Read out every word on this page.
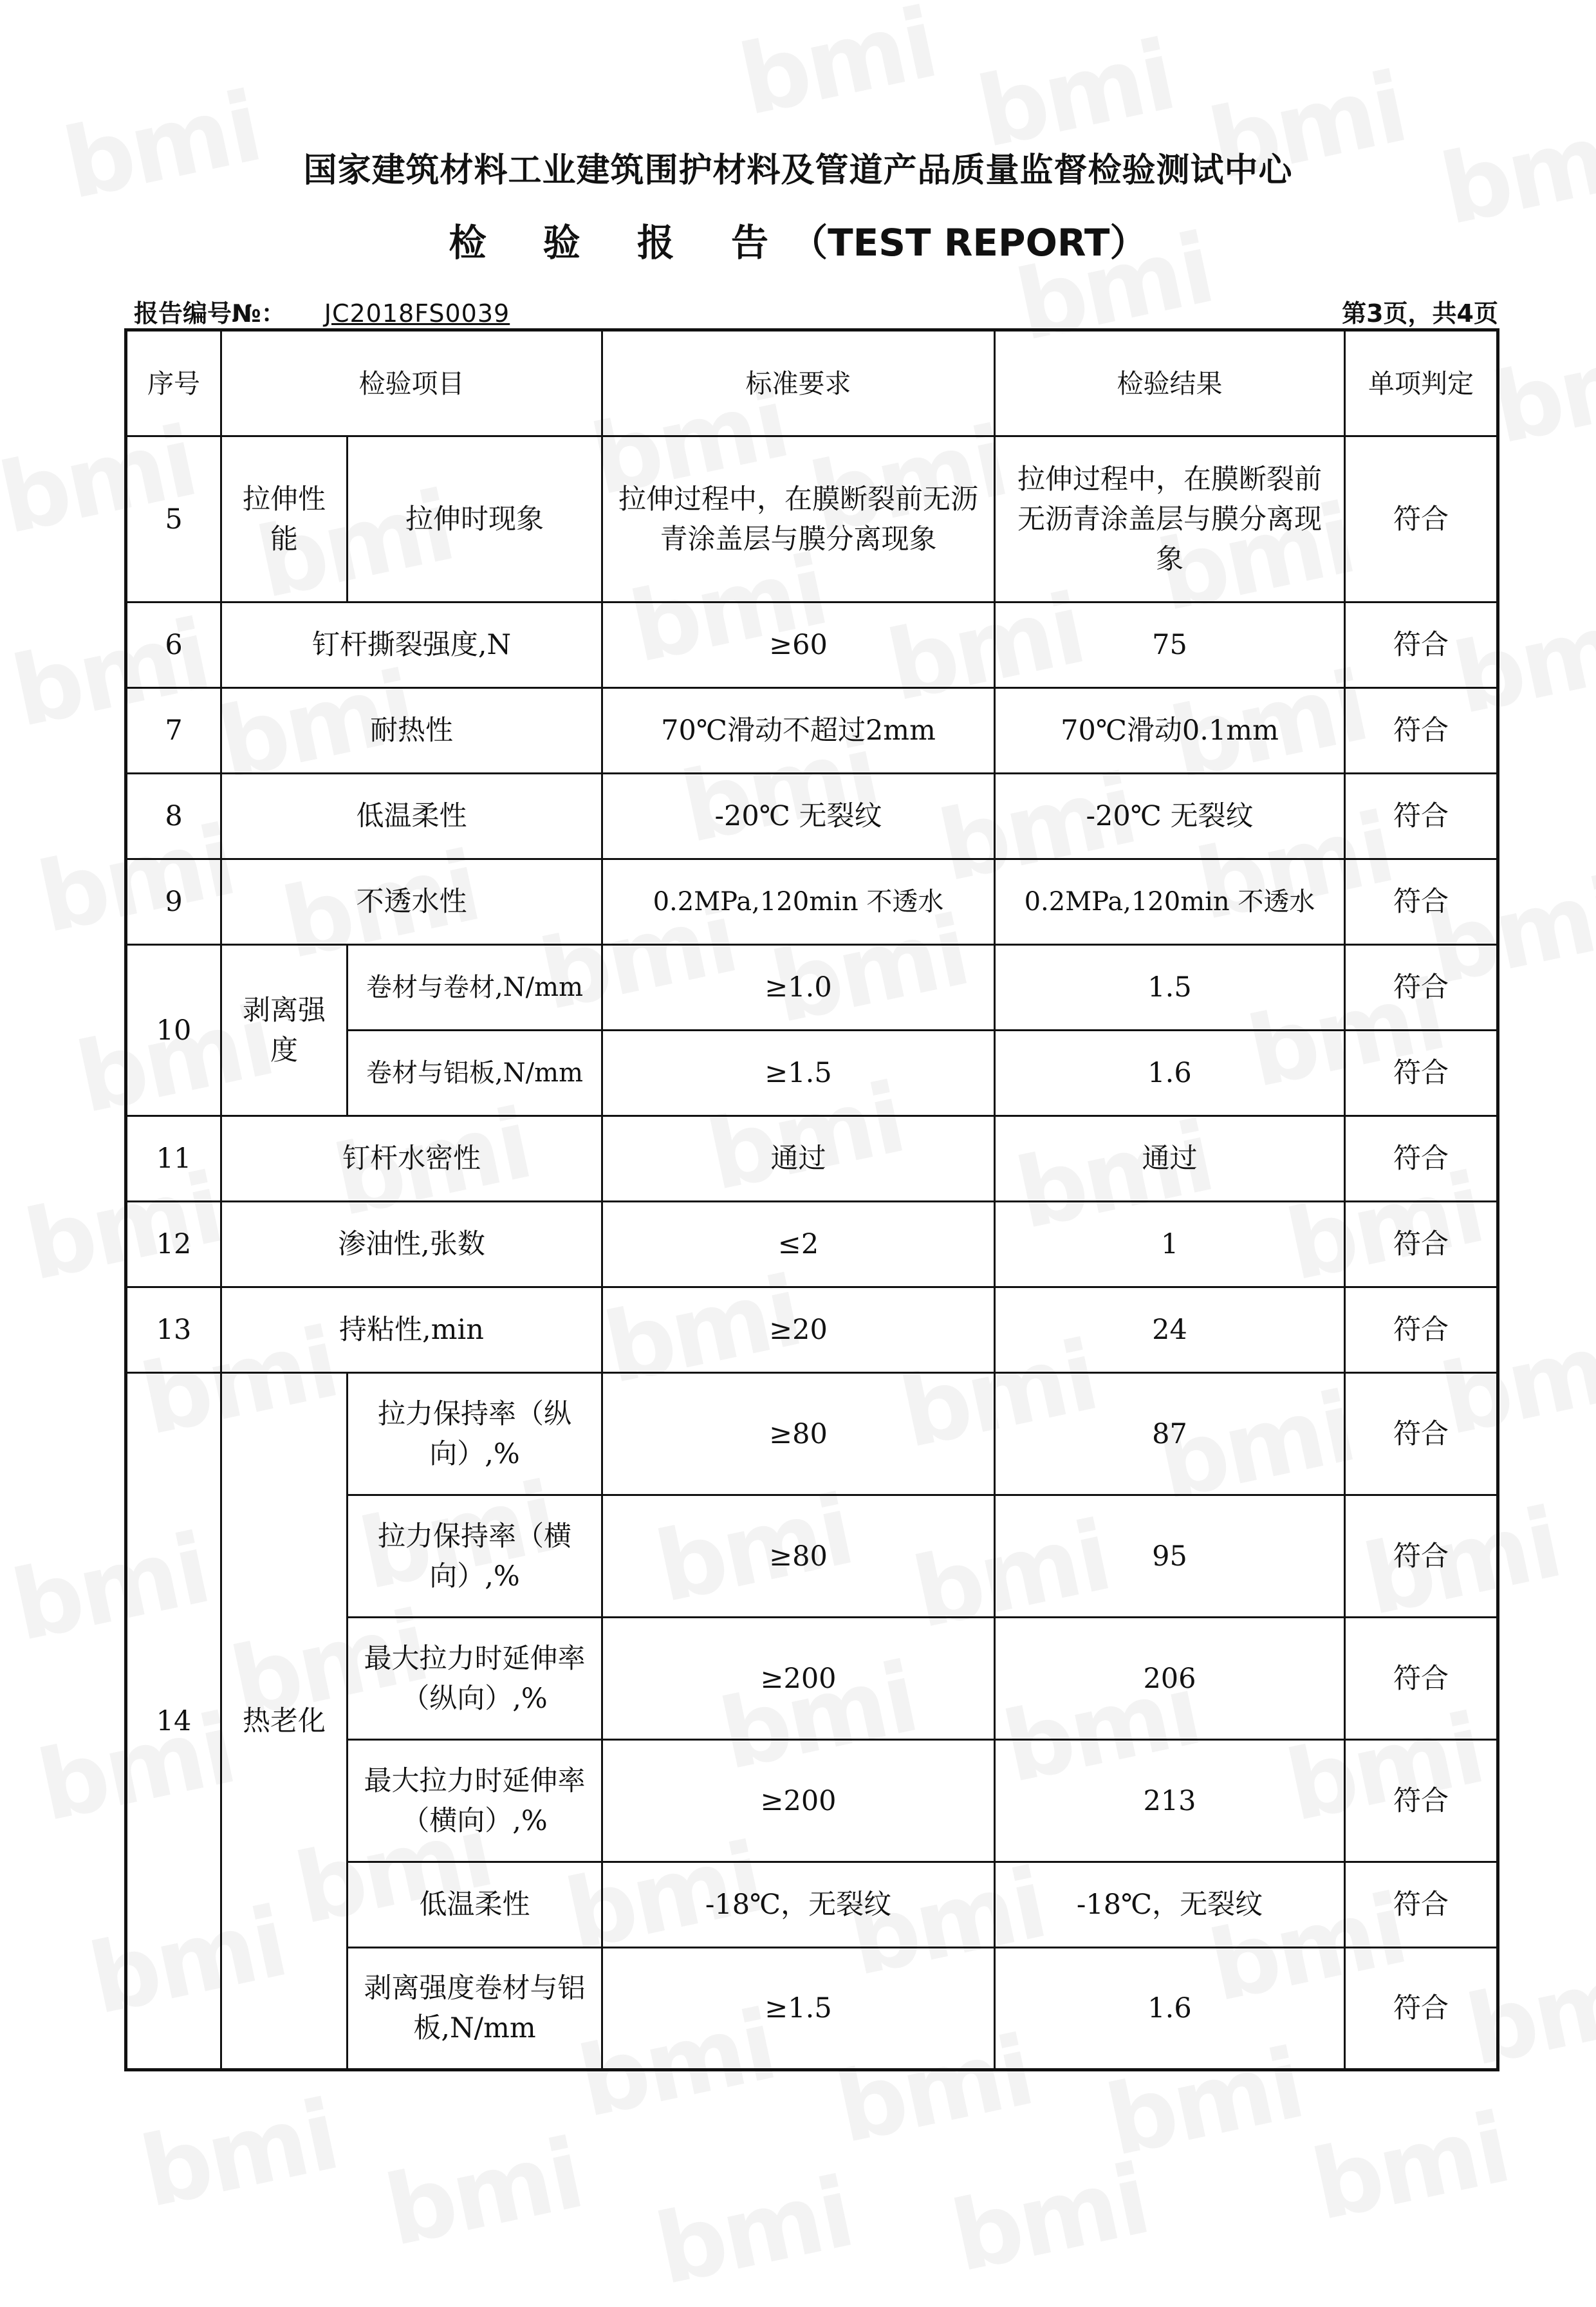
国家建筑材料工业建筑围护材料及管道产品质量监督检验测试中心
检 验 报 告（TEST REPORT）
报告编号№： JC2018FS0039	第3页，共4页
序号	检验项目		标准要求	检验结果	单项判定
5	拉伸性能	拉伸时现象	拉伸过程中，在膜断裂前无沥青涂盖层与膜分离现象	拉伸过程中，在膜断裂前无沥青涂盖层与膜分离现象	符合
6	钉杆撕裂强度,N		≥60	75	符合
7	耐热性		70℃滑动不超过2mm	70℃滑动0.1mm	符合
8	低温柔性		-20℃ 无裂纹	-20℃ 无裂纹	符合
9	不透水性		0.2MPa,120min 不透水	0.2MPa,120min 不透水	符合
10	剥离强度	卷材与卷材,N/mm	≥1.0	1.5	符合
		卷材与铝板,N/mm	≥1.5	1.6	符合
11	钉杆水密性		通过	通过	符合
12	渗油性,张数		≤2	1	符合
13	持粘性,min		≥20	24	符合
14	热老化	拉力保持率（纵向）,%	≥80	87	符合
		拉力保持率（横向）,%	≥80	95	符合
		最大拉力时延伸率（纵向）,%	≥200	206	符合
		最大拉力时延伸率（横向）,%	≥200	213	符合
		低温柔性	-18℃，无裂纹	-18℃，无裂纹	符合
		剥离强度卷材与铝板,N/mm	≥1.5	1.6	符合
